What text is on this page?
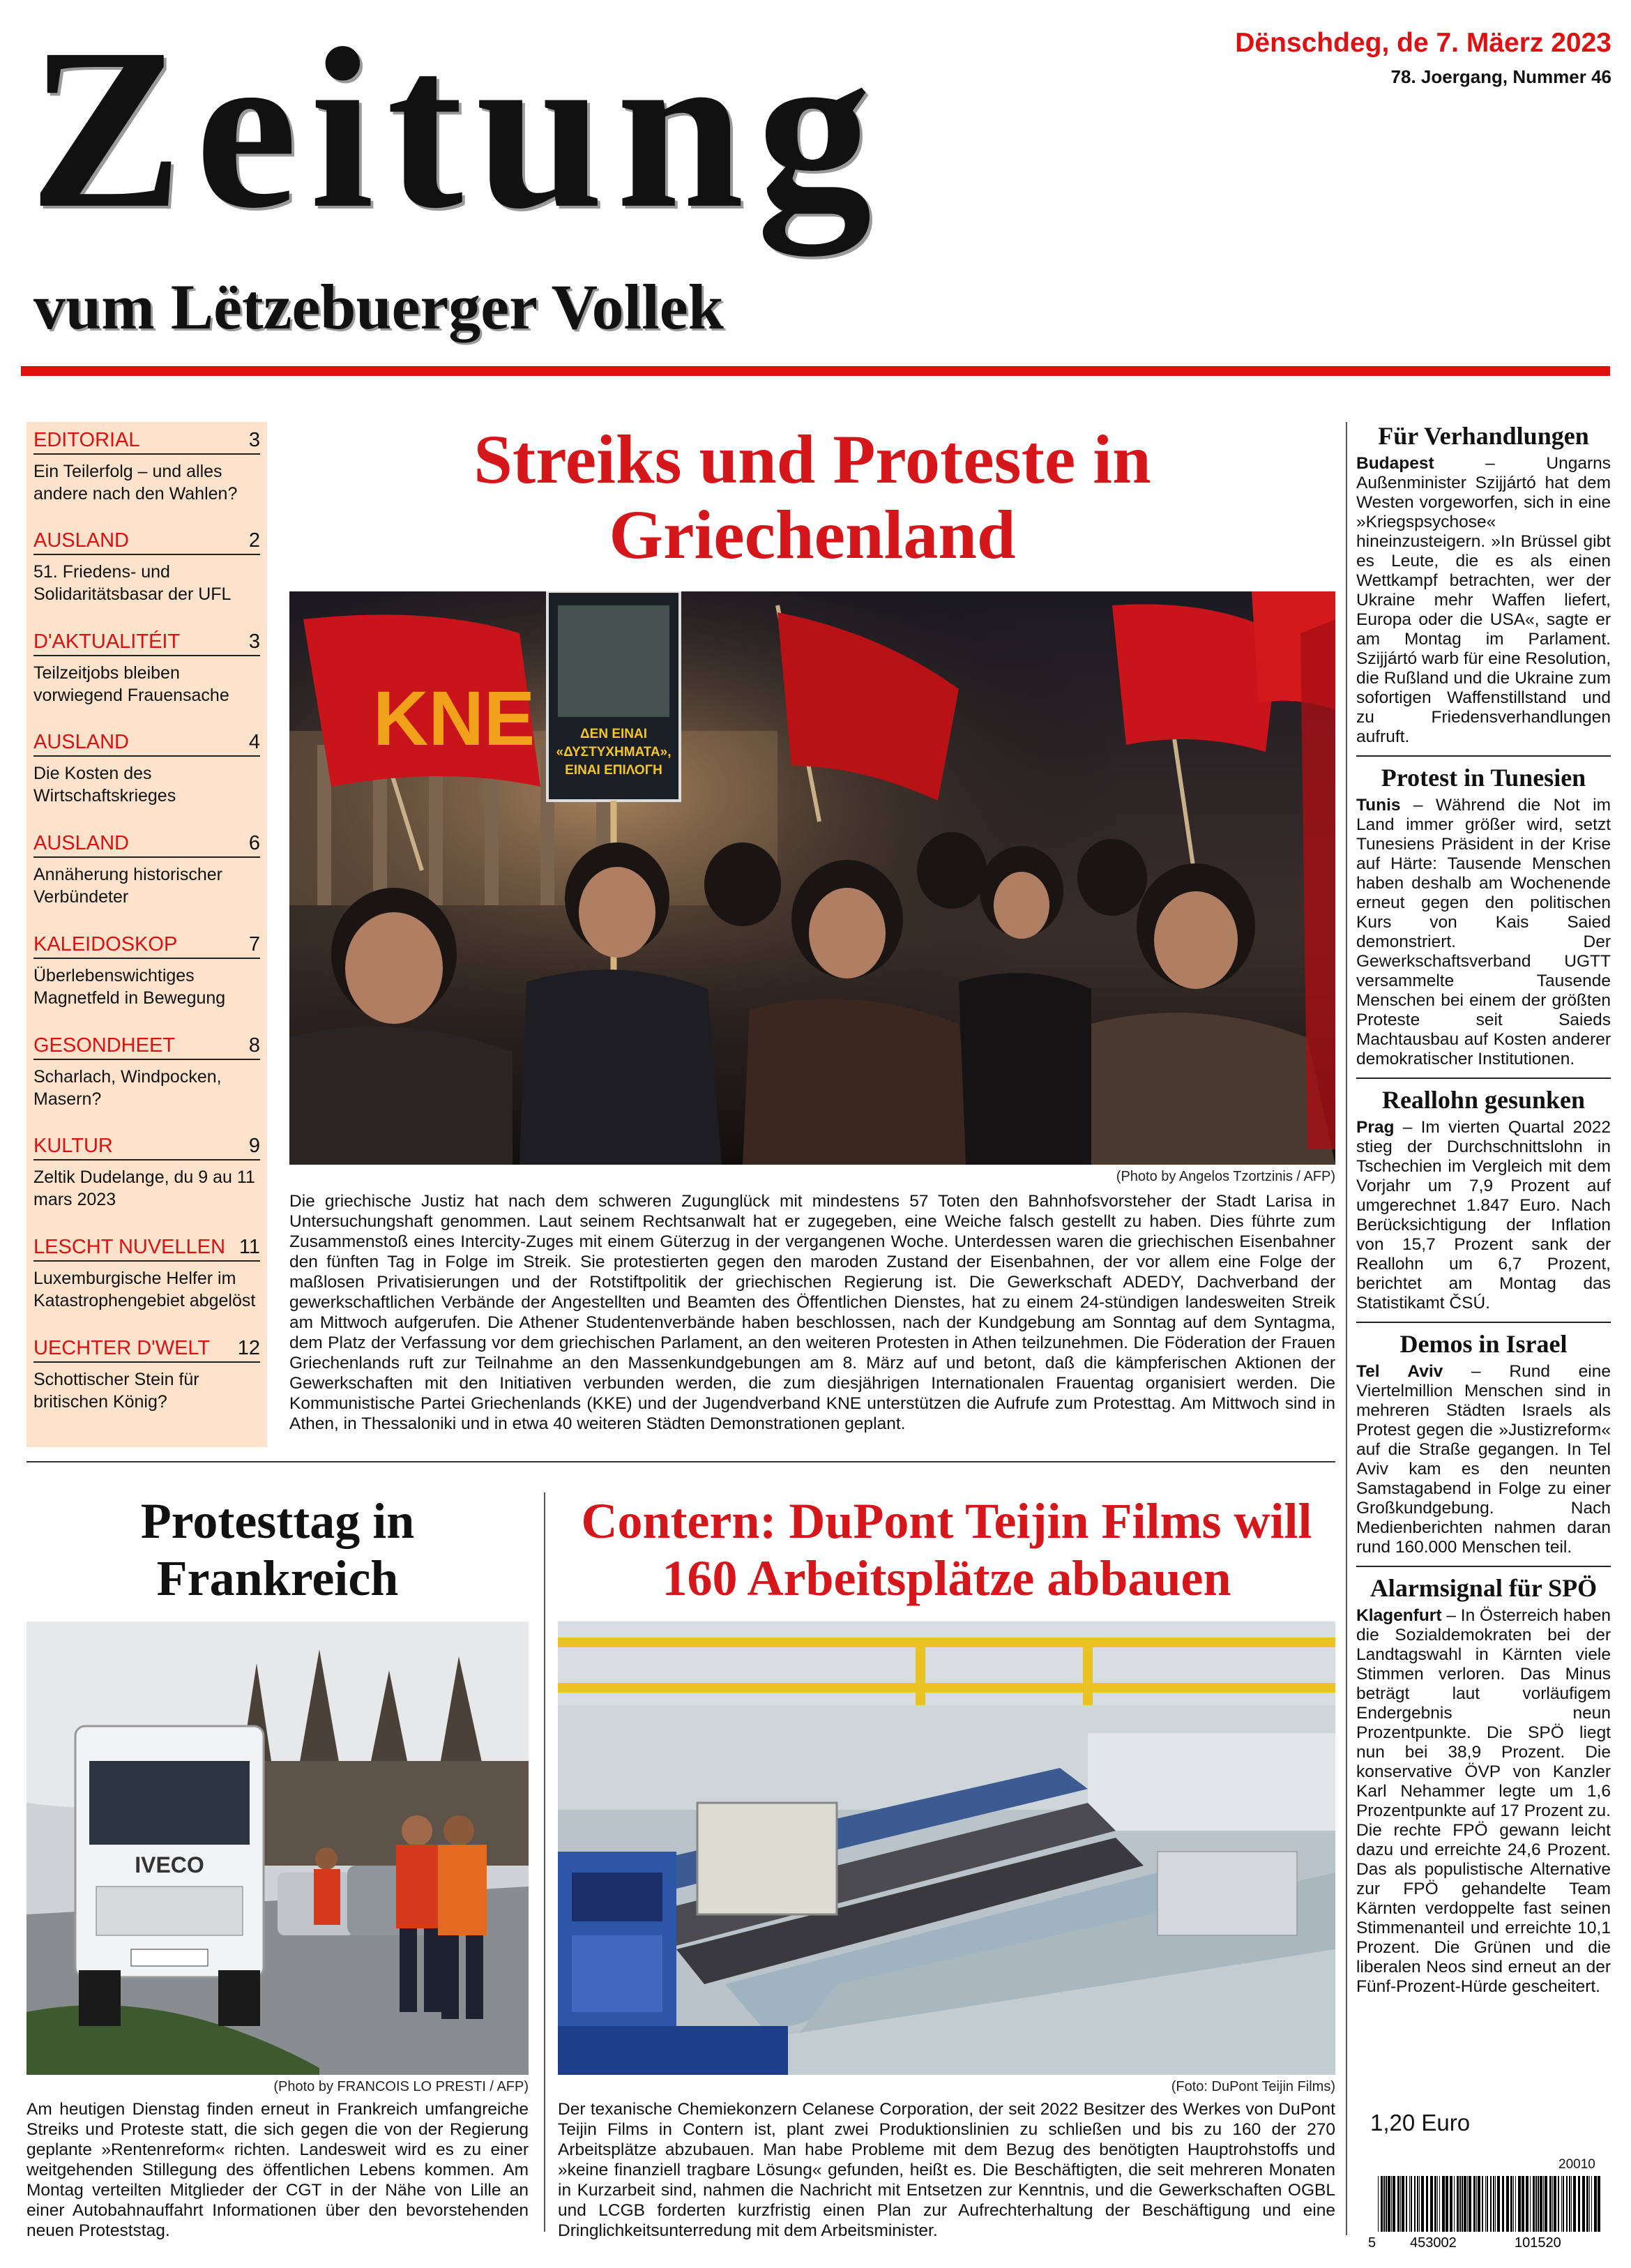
Zeitung
vum Lëtzebuerger Vollek
Dënschdeg, de 7. Mäerz 2023
78. Joergang, Nummer 46
EDITORIAL	3
Ein Teilerfolg – und alles andere nach den Wahlen?
AUSLAND	2
51. Friedens- und Solidaritätsbasar der UFL
D'AKTUALITÉIT	3
Teilzeitjobs bleiben vorwiegend Frauensache
AUSLAND	4
Die Kosten des Wirtschaftskrieges
AUSLAND	6
Annäherung historischer Verbündeter
KALEIDOSKOP	7
Überlebenswichtiges Magnetfeld in Bewegung
GESONDHEET	8
Scharlach, Windpocken, Masern?
KULTUR	9
Zeltik Dudelange, du 9 au 11 mars 2023
LESCHT NUVELLEN 11
Luxemburgische Helfer im Katastrophengebiet abgelöst
UECHTER D'WELT 12
Schottischer Stein für britischen König?
Streiks und Proteste in Griechenland
ΚΝΕ	ΔΕΝ ΕΙΝΑΙ
«ΔΥΣΤΥΧΗΜΑΤΑ»,
ΕΙΝΑΙ ΕΠΙΛΟΓΗ
(Photo by Angelos Tzortzinis / AFP)
Die griechische Justiz hat nach dem schweren Zugunglück mit mindestens 57 Toten den Bahnhofsvorsteher der Stadt Larisa in Untersuchungshaft genommen. Laut seinem Rechtsanwalt hat er zugegeben, eine Weiche falsch gestellt zu haben. Dies führte zum Zusammenstoß eines Intercity-Zuges mit einem Güterzug in der vergangenen Woche. Unterdessen waren die griechischen Eisenbahner den fünften Tag in Folge im Streik. Sie protestierten gegen den maroden Zustand der Eisenbahnen, der vor allem eine Folge der maßlosen Privatisierungen und der Rotstiftpolitik der griechischen Regierung ist. Die Gewerkschaft ADEDY, Dachverband der gewerkschaftlichen Verbände der Angestellten und Beamten des Öffentlichen Dienstes, hat zu einem 24-stündigen landesweiten Streik am Mittwoch aufgerufen. Die Athener Studentenverbände haben beschlossen, nach der Kundgebung am Sonntag auf dem Syntagma, dem Platz der Verfassung vor dem griechischen Parlament, an den weiteren Protesten in Athen teilzunehmen. Die Föderation der Frauen Griechenlands ruft zur Teilnahme an den Massenkundgebungen am 8. März auf und betont, daß die kämpferischen Aktionen der Gewerkschaften mit den Initiativen verbunden werden, die zum diesjährigen Internationalen Frauentag organisiert werden. Die Kommunistische Partei Griechenlands (KKE) und der Jugendverband KNE unterstützen die Aufrufe zum Protesttag. Am Mittwoch sind in Athen, in Thessaloniki und in etwa 40 weiteren Städten Demonstrationen geplant.
Protesttag in Frankreich
IVECO
(Photo by FRANCOIS LO PRESTI / AFP)
Am heutigen Dienstag finden erneut in Frankreich umfangreiche Streiks und Proteste statt, die sich gegen die von der Regierung geplante »Rentenreform« richten. Landesweit wird es zu einer weitgehenden Stillegung des öffentlichen Lebens kommen. Am Montag verteilten Mitglieder der CGT in der Nähe von Lille an einer Autobahnauffahrt Informationen über den bevorstehenden neuen Proteststag.
Contern: DuPont Teijin Films will 160 Arbeitsplätze abbauen
(Foto: DuPont Teijin Films)
Der texanische Chemiekonzern Celanese Corporation, der seit 2022 Besitzer des Werkes von DuPont Teijin Films in Contern ist, plant zwei Produktionslinien zu schließen und bis zu 160 der 270 Arbeitsplätze abzubauen. Man habe Probleme mit dem Bezug des benötigten Hauptrohstoffs und »keine finanziell tragbare Lösung« gefunden, heißt es. Die Beschäftigten, die seit mehreren Monaten in Kurzarbeit sind, nahmen die Nachricht mit Entsetzen zur Kenntnis, und die Gewerkschaften OGBL und LCGB forderten kurzfristig einen Plan zur Aufrechterhaltung der Beschäftigung und eine Dringlichkeitsunterredung mit dem Arbeitsminister.
Für Verhandlungen
Budapest – Ungarns Außenminister Szijjártó hat dem Westen vorgeworfen, sich in eine »Kriegspsychose« hineinzusteigern. »In Brüssel gibt es Leute, die es als einen Wettkampf betrachten, wer der Ukraine mehr Waffen liefert, Europa oder die USA«, sagte er am Montag im Parlament. Szijjártó warb für eine Resolution, die Rußland und die Ukraine zum sofortigen Waffenstillstand und zu Friedensverhandlungen aufruft.
Protest in Tunesien
Tunis – Während die Not im Land immer größer wird, setzt Tunesiens Präsident in der Krise auf Härte: Tausende Menschen haben deshalb am Wochenende erneut gegen den politischen Kurs von Kais Saied demonstriert. Der Gewerkschaftsverband UGTT versammelte Tausende Menschen bei einem der größten Proteste seit Saieds Machtausbau auf Kosten anderer demokratischer Institutionen.
Reallohn gesunken
Prag – Im vierten Quartal 2022 stieg der Durchschnittslohn in Tschechien im Vergleich mit dem Vorjahr um 7,9 Prozent auf umgerechnet 1.847 Euro. Nach Berücksichtigung der Inflation von 15,7 Prozent sank der Reallohn um 6,7 Prozent, berichtet am Montag das Statistikamt ČSÚ.
Demos in Israel
Tel Aviv – Rund eine Viertelmillion Menschen sind in mehreren Städten Israels als Protest gegen die »Justizreform« auf die Straße gegangen. In Tel Aviv kam es den neunten Samstagabend in Folge zu einer Großkundgebung. Nach Medienberichten nahmen daran rund 160.000 Menschen teil.
Alarmsignal für SPÖ
Klagenfurt – In Österreich haben die Sozialdemokraten bei der Landtagswahl in Kärnten viele Stimmen verloren. Das Minus beträgt laut vorläufigem Endergebnis neun Prozentpunkte. Die SPÖ liegt nun bei 38,9 Prozent. Die konservative ÖVP von Kanzler Karl Nehammer legte um 1,6 Prozentpunkte auf 17 Prozent zu. Die rechte FPÖ gewann leicht dazu und erreichte 24,6 Prozent. Das als populistische Alternative zur FPÖ gehandelte Team Kärnten verdoppelte fast seinen Stimmenanteil und erreichte 10,1 Prozent. Die Grünen und die liberalen Neos sind erneut an der Fünf-Prozent-Hürde gescheitert.
1,20 Euro
20010
5 453002	101520
